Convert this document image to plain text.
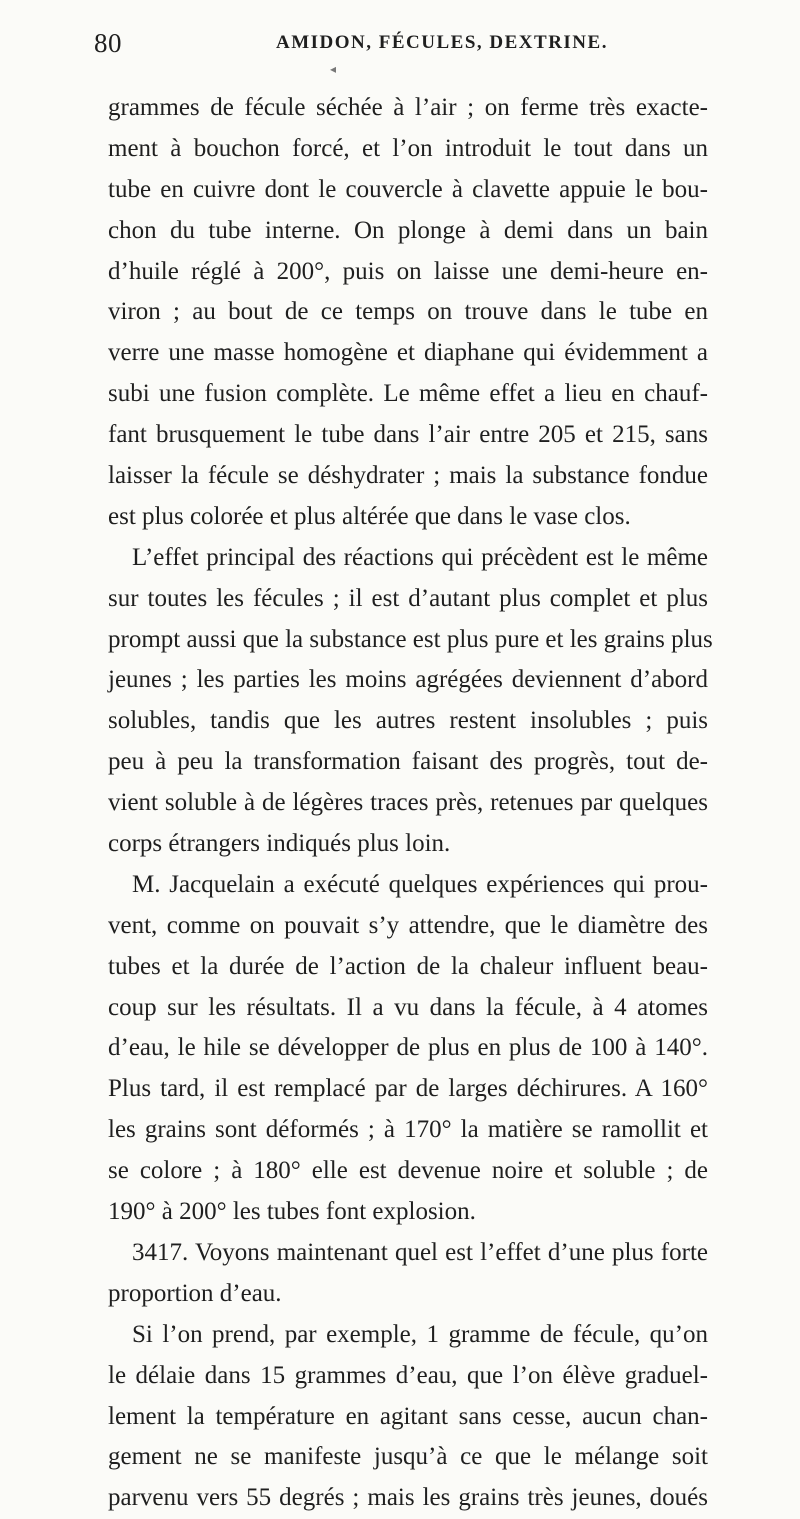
80	AMIDON, FÉCULES, DEXTRINE.
◂
grammes de fécule séchée à l’air ; on ferme très exacte-
ment à bouchon forcé, et l’on introduit le tout dans un
tube en cuivre dont le couvercle à clavette appuie le bou-
chon du tube interne. On plonge à demi dans un bain
d’huile réglé à 200°, puis on laisse une demi-heure en-
viron ; au bout de ce temps on trouve dans le tube en
verre une masse homogène et diaphane qui évidemment a
subi une fusion complète. Le même effet a lieu en chauf-
fant brusquement le tube dans l’air entre 205 et 215, sans
laisser la fécule se déshydrater ; mais la substance fondue
est plus colorée et plus altérée que dans le vase clos.
L’effet principal des réactions qui précèdent est le même
sur toutes les fécules ; il est d’autant plus complet et plus
prompt aussi que la substance est plus pure et les grains plus
jeunes ; les parties les moins agrégées deviennent d’abord
solubles, tandis que les autres restent insolubles ; puis
peu à peu la transformation faisant des progrès, tout de-
vient soluble à de légères traces près, retenues par quelques
corps étrangers indiqués plus loin.
M. Jacquelain a exécuté quelques expériences qui prou-
vent, comme on pouvait s’y attendre, que le diamètre des
tubes et la durée de l’action de la chaleur influent beau-
coup sur les résultats. Il a vu dans la fécule, à 4 atomes
d’eau, le hile se développer de plus en plus de 100 à 140°.
Plus tard, il est remplacé par de larges déchirures. A 160°
les grains sont déformés ; à 170° la matière se ramollit et
se colore ; à 180° elle est devenue noire et soluble ; de
190° à 200° les tubes font explosion.
3417. Voyons maintenant quel est l’effet d’une plus forte
proportion d’eau.
Si l’on prend, par exemple, 1 gramme de fécule, qu’on
le délaie dans 15 grammes d’eau, que l’on élève graduel-
lement la température en agitant sans cesse, aucun chan-
gement ne se manifeste jusqu’à ce que le mélange soit
parvenu vers 55 degrés ; mais les grains très jeunes, doués
